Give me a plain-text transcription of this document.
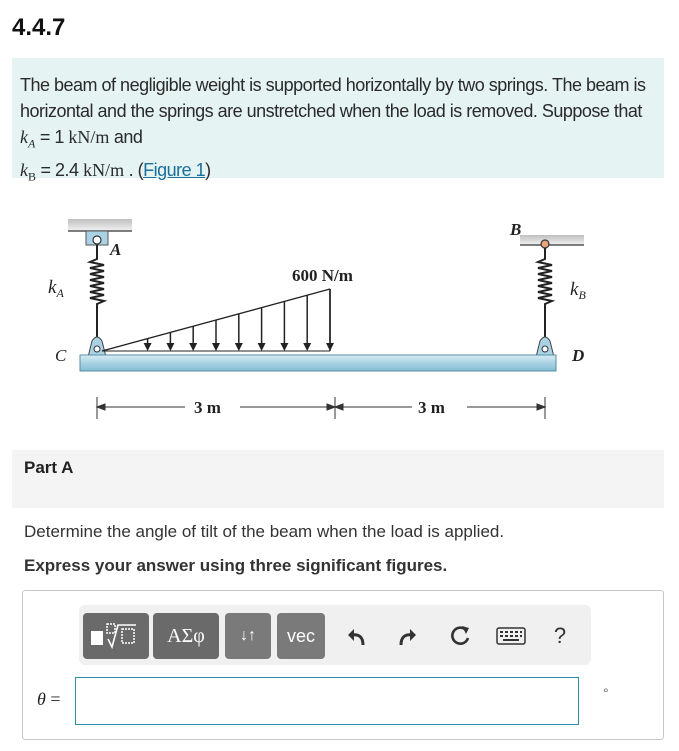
4.4.7

The beam of negligible weight is supported horizontally by two springs. The beam is horizontal and the springs are unstretched when the load is removed. Suppose that $k_A = 1$ kN/m and
$k_B = 2.4$ kN/m . (Figure 1)

A
B
C	D
$k_A$	$k_B$
600 N/m
3 m	3 m
Part A
Determine the angle of tilt of the beam when the load is applied.
Express your answer using three significant figures.
ΑΣφ	↓↑	vec	?
θ =	°
